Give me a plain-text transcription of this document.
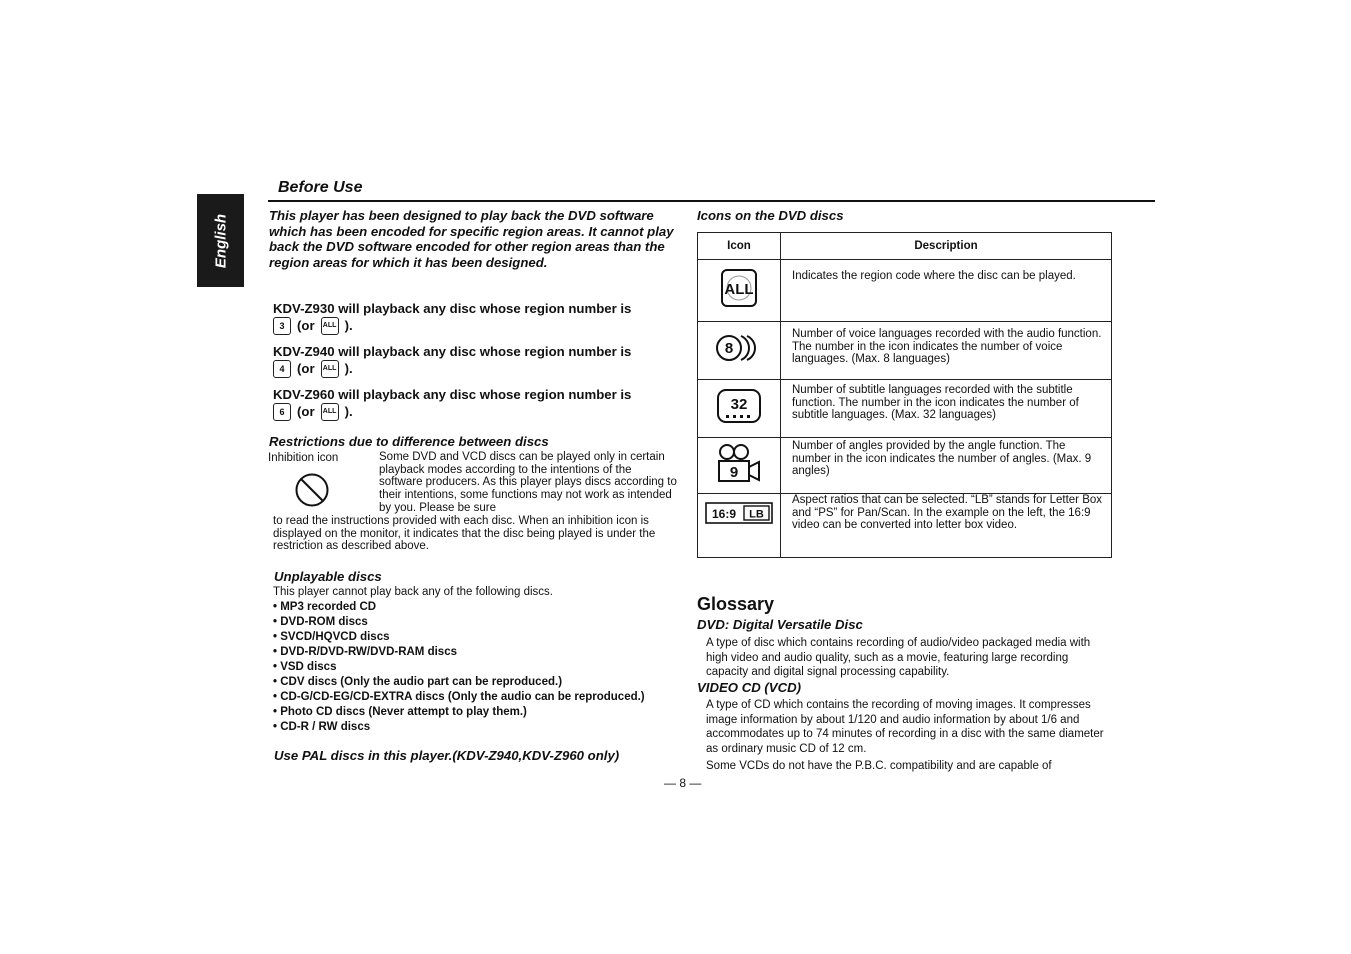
English
Before Use
This player has been designed to play back the DVD software which has been encoded for specific region areas. It cannot play back the DVD software encoded for other region areas than the region areas for which it has been designed.
KDV-Z930 will playback any disc whose region number is
3 (or	ALL ).
KDV-Z940 will playback any disc whose region number is
4 (or	ALL ).
KDV-Z960 will playback any disc whose region number is
6 (or	ALL ).
Restrictions due to difference between discs
Inhibition icon	Some DVD and VCD discs can be played only in certain playback modes according to the intentions of the software producers. As this player plays discs according to their intentions, some functions may not work as intended by you. Please be sure
to read the instructions provided with each disc. When an inhibition icon is displayed on the monitor, it indicates that the disc being played is under the restriction as described above.
Unplayable discs
This player cannot play back any of the following discs.
• MP3 recorded CD
• DVD-ROM discs
• SVCD/HQVCD discs
• DVD-R/DVD-RW/DVD-RAM discs
• VSD discs
• CDV discs (Only the audio part can be reproduced.)
• CD-G/CD-EG/CD-EXTRA discs (Only the audio can be reproduced.)
• Photo CD discs (Never attempt to play them.)
• CD-R / RW discs
Use PAL discs in this player.(KDV-Z940,KDV-Z960 only)
Icons on the DVD discs
Icon	Description

ALL	Indicates the region code where the disc can be played.

8	Number of voice languages recorded with the audio function. The number in the icon indicates the number of voice languages. (Max. 8 languages)

32	Number of subtitle languages recorded with the subtitle function. The number in the icon indicates the number of subtitle languages. (Max. 32 languages)

9	Number of angles provided by the angle function. The number in the icon indicates the number of angles. (Max. 9 angles)

16:9 LB	Aspect ratios that can be selected. “LB” stands for Letter Box and “PS” for Pan/Scan. In the example on the left, the 16:9 video can be converted into letter box video.
Glossary
DVD: Digital Versatile Disc
A type of disc which contains recording of audio/video packaged media with high video and audio quality, such as a movie, featuring large recording capacity and digital signal processing capability.
VIDEO CD (VCD)
A type of CD which contains the recording of moving images. It compresses image information by about 1/120 and audio information by about 1/6 and accommodates up to 74 minutes of recording in a disc with the same diameter as ordinary music CD of 12 cm.
Some VCDs do not have the P.B.C. compatibility and are capable of
— 8 —
